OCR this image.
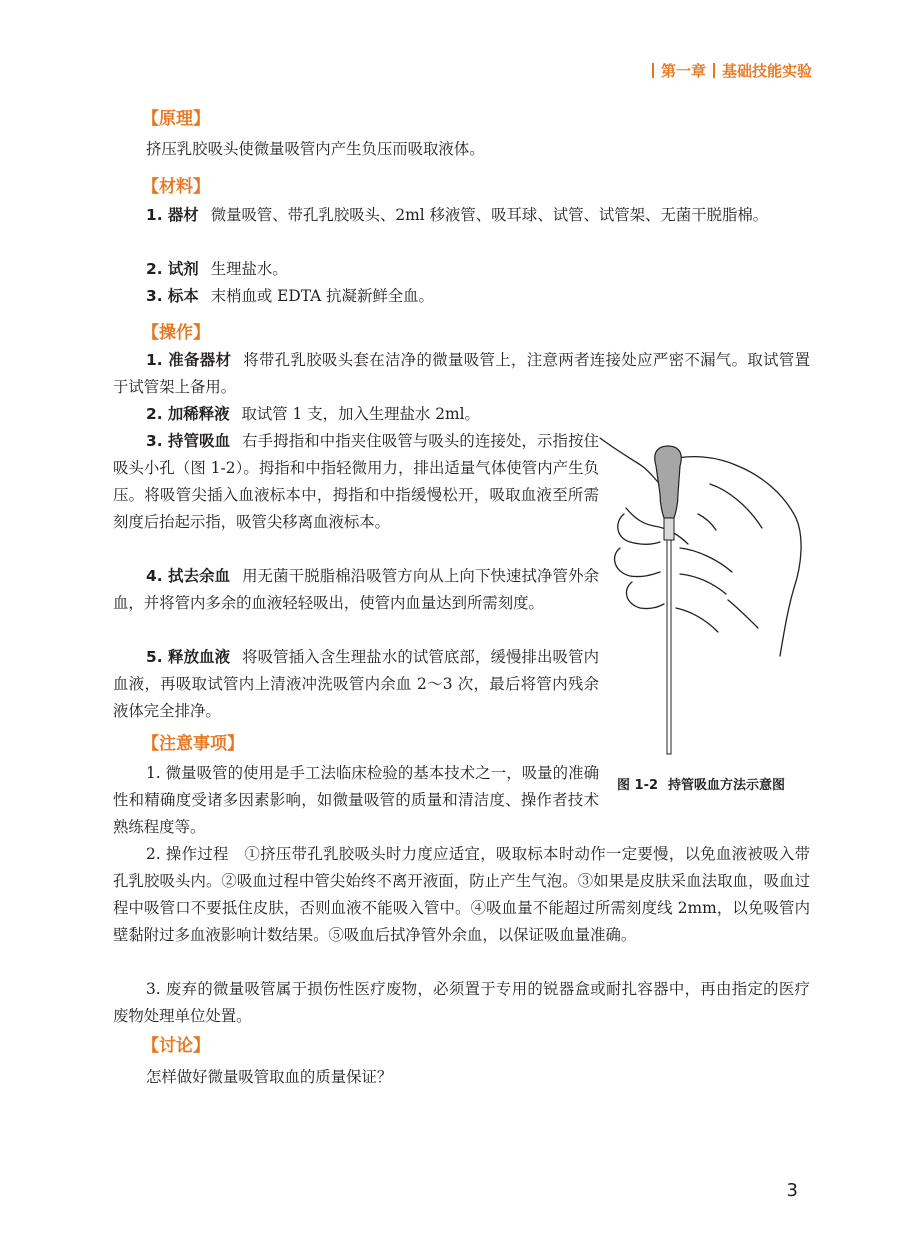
第一章 基础技能实验
【原理】
挤压乳胶吸头使微量吸管内产生负压而吸取液体。
【材料】
1. 器材 微量吸管、带孔乳胶吸头、2ml 移液管、吸耳球、试管、试管架、无菌干脱脂棉。
2. 试剂 生理盐水。
3. 标本 末梢血或 EDTA 抗凝新鲜全血。
【操作】
1. 准备器材 将带孔乳胶吸头套在洁净的微量吸管上，注意两者连接处应严密不漏气。取试管置于试管架上备用。
2. 加稀释液 取试管 1 支，加入生理盐水 2ml。
3. 持管吸血 右手拇指和中指夹住吸管与吸头的连接处，示指按住吸头小孔（图 1-2）。拇指和中指轻微用力，排出适量气体使管内产生负压。将吸管尖插入血液标本中，拇指和中指缓慢松开，吸取血液至所需刻度后抬起示指，吸管尖移离血液标本。
4. 拭去余血 用无菌干脱脂棉沿吸管方向从上向下快速拭净管外余血，并将管内多余的血液轻轻吸出，使管内血量达到所需刻度。
5. 释放血液 将吸管插入含生理盐水的试管底部，缓慢排出吸管内血液，再吸取试管内上清液冲洗吸管内余血 2～3 次，最后将管内残余液体完全排净。
【注意事项】
1. 微量吸管的使用是手工法临床检验的基本技术之一，吸量的准确性和精确度受诸多因素影响，如微量吸管的质量和清洁度、操作者技术熟练程度等。
2. 操作过程　①挤压带孔乳胶吸头时力度应适宜，吸取标本时动作一定要慢，以免血液被吸入带孔乳胶吸头内。②吸血过程中管尖始终不离开液面，防止产生气泡。③如果是皮肤采血法取血，吸血过程中吸管口不要抵住皮肤，否则血液不能吸入管中。④吸血量不能超过所需刻度线 2mm，以免吸管内壁黏附过多血液影响计数结果。⑤吸血后拭净管外余血，以保证吸血量准确。
3. 废弃的微量吸管属于损伤性医疗废物，必须置于专用的锐器盒或耐扎容器中，再由指定的医疗废物处理单位处置。
【讨论】
怎样做好微量吸管取血的质量保证？
图 1-2 持管吸血方法示意图
3
